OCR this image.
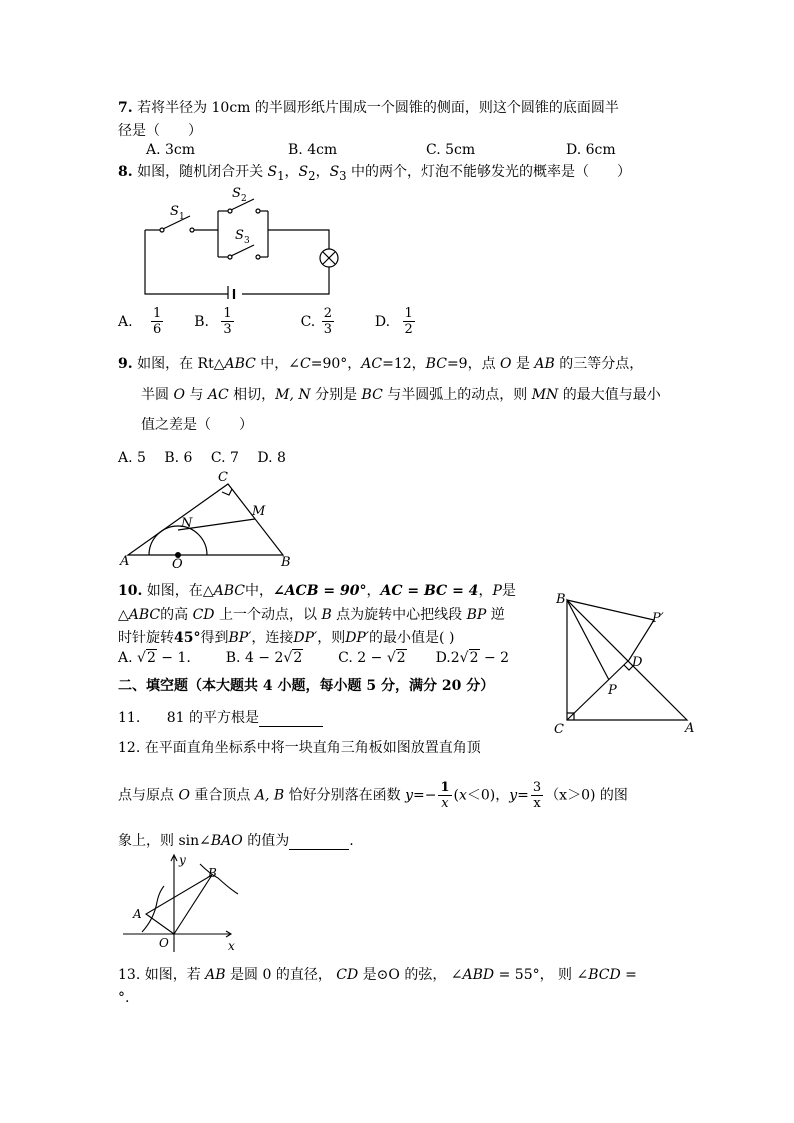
7. 若将半径为 10cm 的半圆形纸片围成一个圆锥的侧面，则这个圆锥的底面圆半
径是（　　）
A. 3cm	B. 4cm	C. 5cm	D. 6cm
8. 如图，随机闭合开关 $S_1$，$S_2$，$S_3$ 中的两个，灯泡不能够发光的概率是（　　）
S 1
S 2
S 3
A. $\frac{1}{6} B$. $\frac{1}{3}$	C. $\frac{2}{3}$	D. $\frac{1}{2}$
9. 如图，在 Rt△ABC 中，∠C=90°，AC=12，BC=9，点 O 是 AB 的三等分点，
半圆 O 与 AC 相切，M, N 分别是 BC 与半圆弧上的动点，则 MN 的最大值与最小
值之差是（　　）
A. 5　 B. 6　 C. 7　 D. 8
A	B
C
M
N
O
10. 如图，在△ABC中，∠ACB = 90°，AC = BC = 4，P是
△ABC的高 CD 上一个动点，以 B 点为旋转中心把线段 BP 逆
时针旋转45°得到BP′，连接DP′，则DP′的最小值是( )
A. √2 − 1. B. 4 − 2√2	C. 2 − √2 D.2√2 − 2
B
C	A
D
P
P′
二、填空题（本大题共 4 小题，每小题 5 分，满分 20 分）
11. 81 的平方根是
12. 在平面直角坐标系中将一块直角三角板如图放置直角顶
点与原点 O 重合顶点 A, B 恰好分别落在函数 $y=- \frac{1}{x} (x<0)$，$y= \frac{3}{x} (x>0)$ 的图
象上，则 sin∠BAO 的值为	.
y
x
A
B
O
13. 如图，若 AB 是圆 0 的直径， CD 是⊙O 的弦， ∠ABD = 55°， 则 ∠BCD =
°.
